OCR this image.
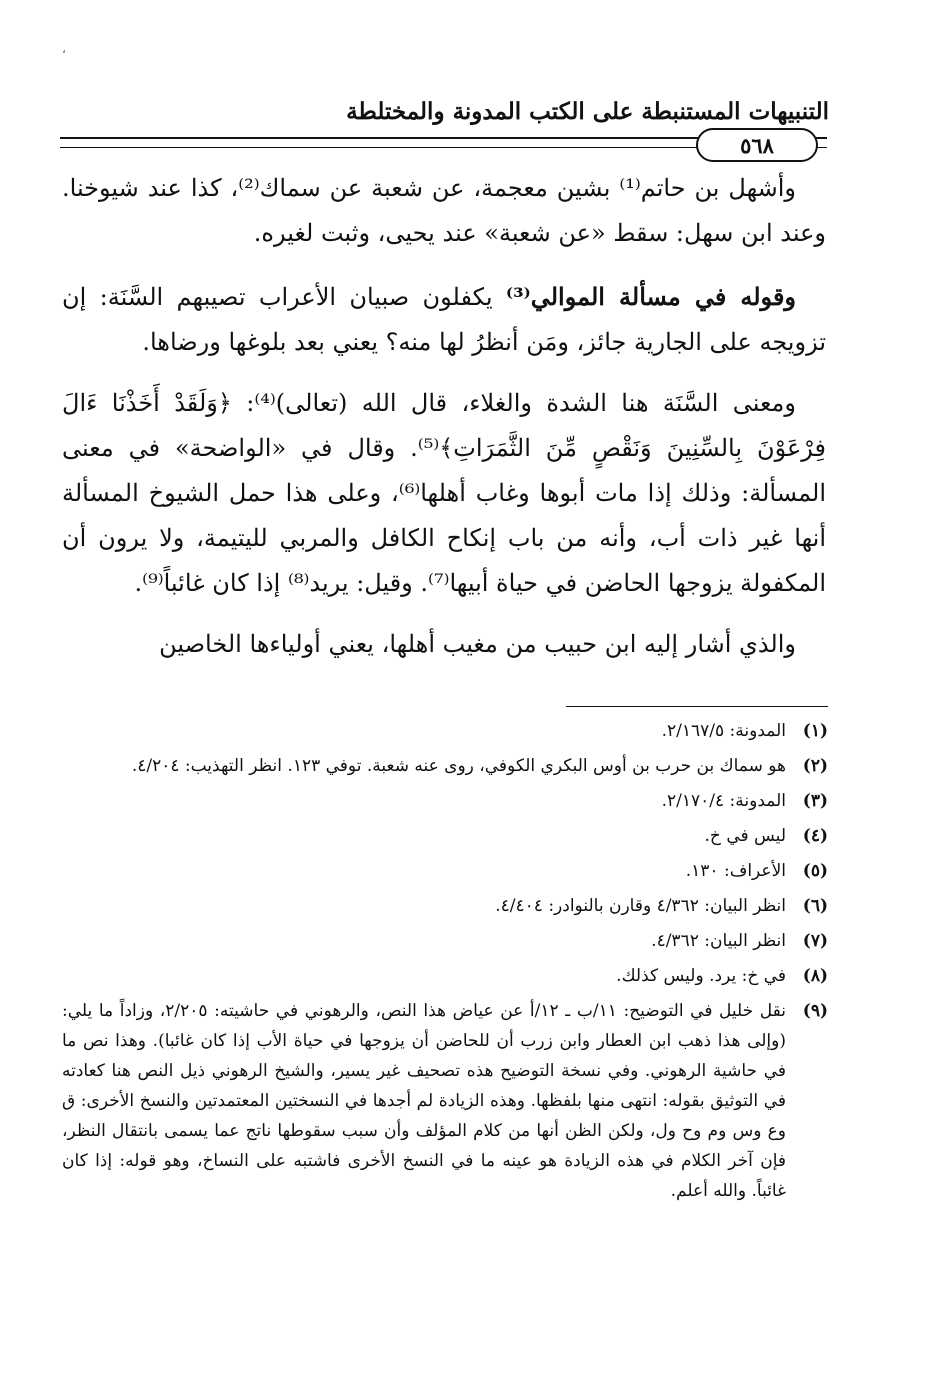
،
التنبيهات المستنبطة على الكتب المدونة والمختلطة
٥٦٨

وأشهل بن حاتم⁽¹⁾ بشين معجمة، عن شعبة عن سماك⁽²⁾، كذا عند شيوخنا. وعند ابن سهل: سقط «عن شعبة» عند يحيى، وثبت لغيره.

وقوله في مسألة الموالي⁽³⁾ يكفلون صبيان الأعراب تصيبهم السَّنَة: إن تزويجه على الجارية جائز، ومَن أنظرُ لها منه؟ يعني بعد بلوغها ورضاها.

ومعنى السَّنَة هنا الشدة والغلاء، قال الله (تعالى)⁽⁴⁾: ﴿وَلَقَدْ أَخَذْنَا ءَالَ فِرْعَوْنَ بِالسِّنِينَ وَنَقْصٍ مِّنَ الثَّمَرَاتِ﴾⁽⁵⁾. وقال في «الواضحة» في معنى المسألة: وذلك إذا مات أبوها وغاب أهلها⁽⁶⁾، وعلى هذا حمل الشيوخ المسألة أنها غير ذات أب، وأنه من باب إنكاح الكافل والمربي لليتيمة، ولا يرون أن المكفولة يزوجها الحاضن في حياة أبيها⁽⁷⁾. وقيل: يريد⁽⁸⁾ إذا كان غائباً⁽⁹⁾.

والذي أشار إليه ابن حبيب من مغيب أهلها، يعني أولياءها الخاصين

(١)
المدونة: ٢/١٦٧/٥.
(٢)
هو سماك بن حرب بن أوس البكري الكوفي، روى عنه شعبة. توفي ١٢٣. انظر التهذيب: ٤/٢٠٤.
(٣)
المدونة: ٢/١٧٠/٤.
(٤)
ليس في خ.
(٥)
الأعراف: ١٣٠.
(٦)
انظر البيان: ٤/٣٦٢ وقارن بالنوادر: ٤/٤٠٤.
(٧)
انظر البيان: ٤/٣٦٢.
(٨)
في خ: يرد. وليس كذلك.
(٩)
نقل خليل في التوضيح: ١١/ب ـ ١٢/أ عن عياض هذا النص، والرهوني في حاشيته: ٢/٢٠٥، وزاداً ما يلي: (وإلى هذا ذهب ابن العطار وابن زرب أن للحاضن أن يزوجها في حياة الأب إذا كان غائبا). وهذا نص ما في حاشية الرهوني. وفي نسخة التوضيح هذه تصحيف غير يسير، والشيخ الرهوني ذيل النص هنا كعادته في التوثيق بقوله: انتهى منها بلفظها. وهذه الزيادة لم أجدها في النسختين المعتمدتين والنسخ الأخرى: ق وع وس وم وح ول، ولكن الظن أنها من كلام المؤلف وأن سبب سقوطها ناتج عما يسمى بانتقال النظر، فإن آخر الكلام في هذه الزيادة هو عينه ما في النسخ الأخرى فاشتبه على النساخ، وهو قوله: إذا كان غائباً. والله أعلم.
